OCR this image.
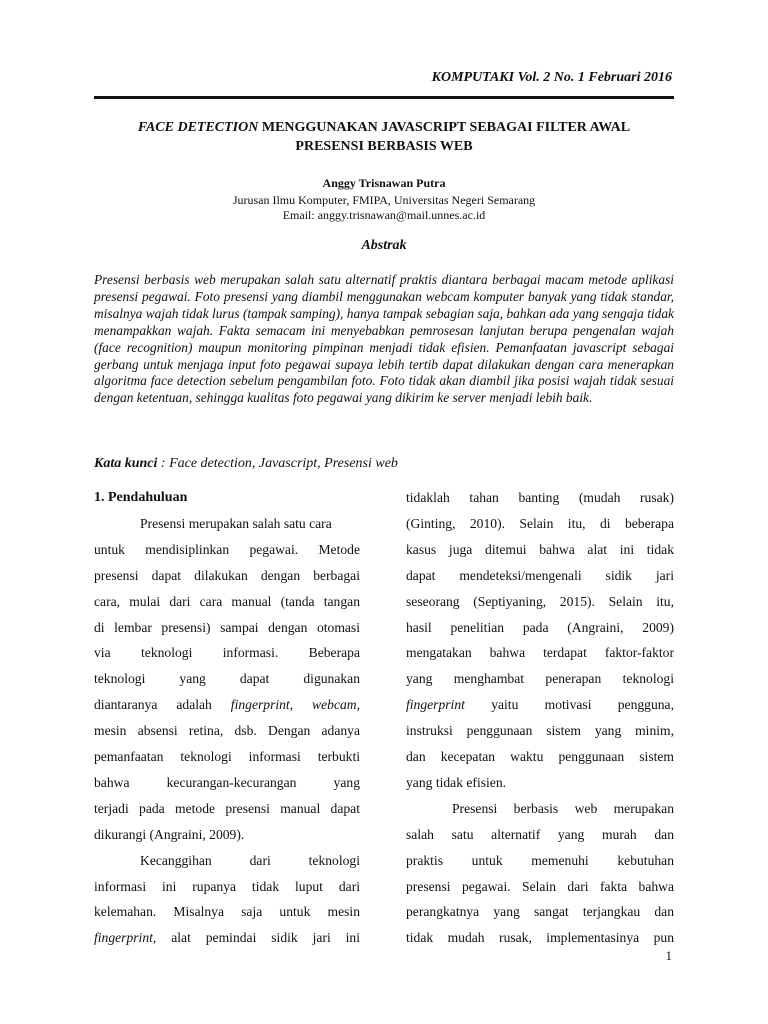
KOMPUTAKI Vol. 2 No. 1 Februari 2016
FACE DETECTION MENGGUNAKAN JAVASCRIPT SEBAGAI FILTER AWAL
PRESENSI BERBASIS WEB
Anggy Trisnawan Putra
Jurusan Ilmu Komputer, FMIPA, Universitas Negeri Semarang
Email: anggy.trisnawan@mail.unnes.ac.id
Abstrak

Presensi berbasis web merupakan salah satu alternatif praktis diantara berbagai macam metode aplikasi presensi pegawai. Foto presensi yang diambil menggunakan webcam komputer banyak yang tidak standar, misalnya wajah tidak lurus (tampak samping), hanya tampak sebagian saja, bahkan ada yang sengaja tidak menampakkan wajah. Fakta semacam ini menyebabkan pemrosesan lanjutan berupa pengenalan wajah (face recognition) maupun monitoring pimpinan menjadi tidak efisien. Pemanfaatan javascript sebagai gerbang untuk menjaga input foto pegawai supaya lebih tertib dapat dilakukan dengan cara menerapkan algoritma face detection sebelum pengambilan foto. Foto tidak akan diambil jika posisi wajah tidak sesuai dengan ketentuan, sehingga kualitas foto pegawai yang dikirim ke server menjadi lebih baik.

Kata kunci : Face detection, Javascript, Presensi web
1. Pendahuluan
Presensi merupakan salah satu cara
untuk mendisiplinkan pegawai. Metode
presensi dapat dilakukan dengan berbagai
cara, mulai dari cara manual (tanda tangan
di lembar presensi) sampai dengan otomasi
via teknologi informasi. Beberapa
teknologi yang dapat digunakan
diantaranya adalah fingerprint, webcam,
mesin absensi retina, dsb. Dengan adanya
pemanfaatan teknologi informasi terbukti
bahwa kecurangan-kecurangan yang
terjadi pada metode presensi manual dapat
dikurangi (Angraini, 2009).
Kecanggihan dari teknologi
informasi ini rupanya tidak luput dari
kelemahan. Misalnya saja untuk mesin
fingerprint, alat pemindai sidik jari ini
tidaklah tahan banting (mudah rusak)
(Ginting, 2010). Selain itu, di beberapa
kasus juga ditemui bahwa alat ini tidak
dapat mendeteksi/mengenali sidik jari
seseorang (Septiyaning, 2015). Selain itu,
hasil penelitian pada (Angraini, 2009)
mengatakan bahwa terdapat faktor-faktor
yang menghambat penerapan teknologi
fingerprint yaitu motivasi pengguna,
instruksi penggunaan sistem yang minim,
dan kecepatan waktu penggunaan sistem
yang tidak efisien.
Presensi berbasis web merupakan
salah satu alternatif yang murah dan
praktis untuk memenuhi kebutuhan
presensi pegawai. Selain dari fakta bahwa
perangkatnya yang sangat terjangkau dan
tidak mudah rusak, implementasinya pun
1
